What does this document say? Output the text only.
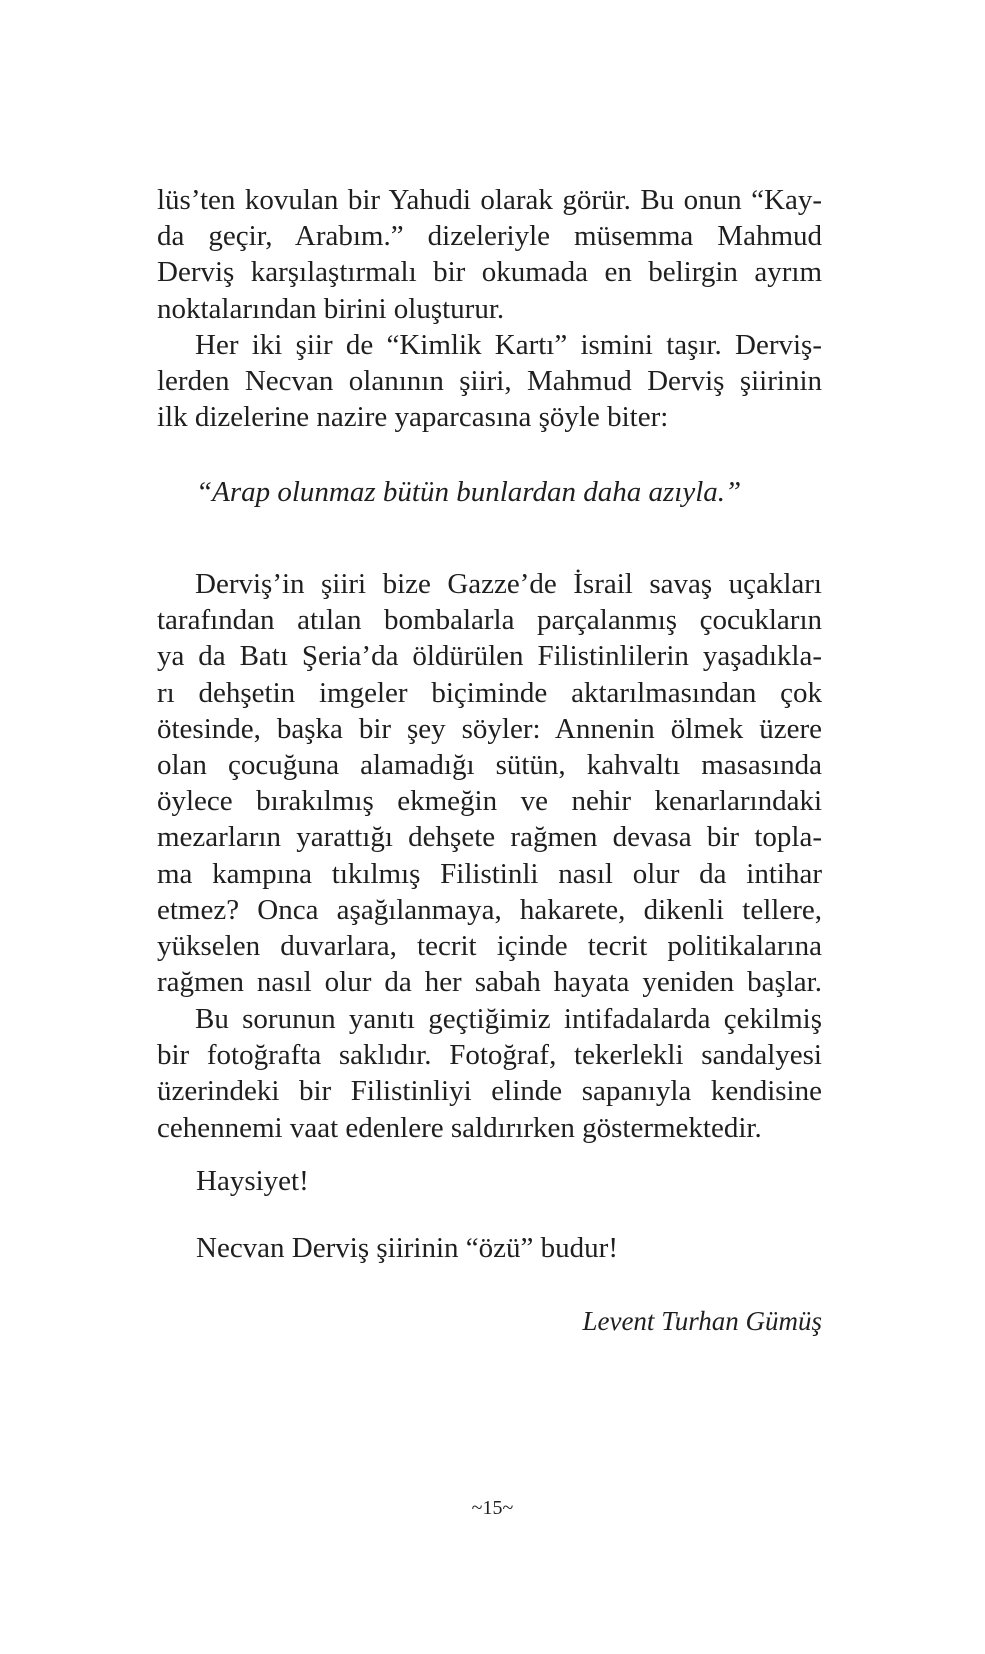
lüs’ten kovulan bir Yahudi olarak görür. Bu onun “Kay-
da geçir, Arabım.” dizeleriyle müsemma Mahmud
Derviş karşılaştırmalı bir okumada en belirgin ayrım
noktalarından birini oluşturur.
Her iki şiir de “Kimlik Kartı” ismini taşır. Derviş-
lerden Necvan olanının şiiri, Mahmud Derviş şiirinin
ilk dizelerine nazire yaparcasına şöyle biter:
“Arap olunmaz bütün bunlardan daha azıyla.”
Derviş’in şiiri bize Gazze’de İsrail savaş uçakları
tarafından atılan bombalarla parçalanmış çocukların
ya da Batı Şeria’da öldürülen Filistinlilerin yaşadıkla-
rı dehşetin imgeler biçiminde aktarılmasından çok
ötesinde, başka bir şey söyler: Annenin ölmek üzere
olan çocuğuna alamadığı sütün, kahvaltı masasında
öylece bırakılmış ekmeğin ve nehir kenarlarındaki
mezarların yarattığı dehşete rağmen devasa bir topla-
ma kampına tıkılmış Filistinli nasıl olur da intihar
etmez? Onca aşağılanmaya, hakarete, dikenli tellere,
yükselen duvarlara, tecrit içinde tecrit politikalarına
rağmen nasıl olur da her sabah hayata yeniden başlar.
Bu sorunun yanıtı geçtiğimiz intifadalarda çekilmiş
bir fotoğrafta saklıdır. Fotoğraf, tekerlekli sandalyesi
üzerindeki bir Filistinliyi elinde sapanıyla kendisine
cehennemi vaat edenlere saldırırken göstermektedir.
Haysiyet!
Necvan Derviş şiirinin “özü” budur!
Levent Turhan Gümüş
~15~
